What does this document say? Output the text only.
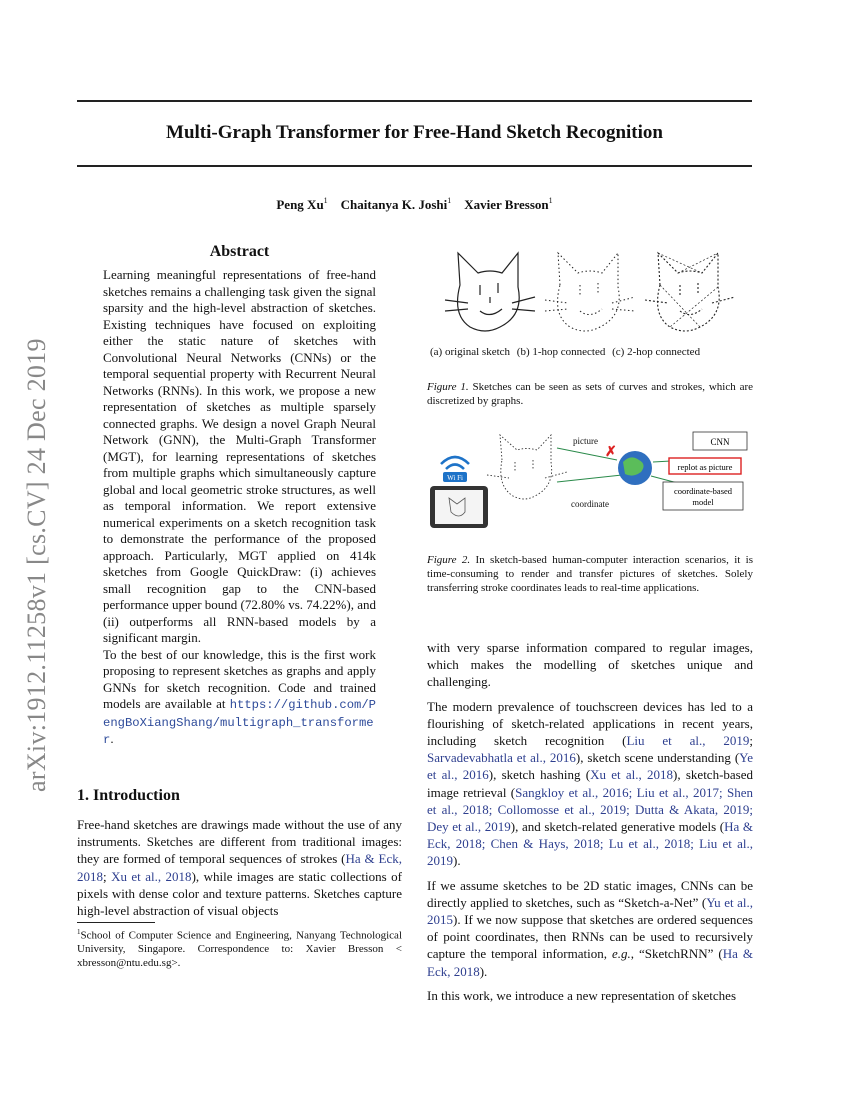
Multi-Graph Transformer for Free-Hand Sketch Recognition
Peng Xu$^1$ Chaitanya K. Joshi$^1$ Xavier Bresson$^1$
arXiv:1912.11258v1 [cs.CV] 24 Dec 2019
Abstract

Learning meaningful representations of free-hand sketches remains a challenging task given the signal sparsity and the high-level abstraction of sketches. Existing techniques have focused on exploiting either the static nature of sketches with Convolutional Neural Networks (CNNs) or the temporal sequential property with Recurrent Neural Networks (RNNs). In this work, we propose a new representation of sketches as multiple sparsely connected graphs. We design a novel Graph Neural Network (GNN), the Multi-Graph Transformer (MGT), for learning representations of sketches from multiple graphs which simultaneously capture global and local geometric stroke structures, as well as temporal information. We report extensive numerical experiments on a sketch recognition task to demonstrate the performance of the proposed approach. Particularly, MGT applied on 414k sketches from Google QuickDraw: (i) achieves small recognition gap to the CNN-based performance upper bound (72.80% vs. 74.22%), and (ii) outperforms all RNN-based models by a significant margin.

To the best of our knowledge, this is the first work proposing to represent sketches as graphs and apply GNNs for sketch recognition. Code and trained models are available at https://github.com/PengBoXiangShang/multigraph_transformer.

1. Introduction

Free-hand sketches are drawings made without the use of any instruments. Sketches are different from traditional images: they are formed of temporal sequences of strokes (Ha & Eck, 2018; Xu et al., 2018), while images are static collections of pixels with dense color and texture patterns. Sketches capture high-level abstraction of visual objects

$^1$School of Computer Science and Engineering, Nanyang Technological University, Singapore. Correspondence to: Xavier Bresson < xbresson@ntu.edu.sg>.
(a) original sketch (b) 1-hop connected (c) 2-hop connected
Figure 1. Sketches can be seen as sets of curves and strokes, which are discretized by graphs.
Wi Fi
picture
✗
coordinate
CNN
replot as picture
coordinate-based
model
Figure 2. In sketch-based human-computer interaction scenarios, it is time-consuming to render and transfer pictures of sketches. Solely transferring stroke coordinates leads to real-time applications.

with very sparse information compared to regular images, which makes the modelling of sketches unique and challenging.

The modern prevalence of touchscreen devices has led to a flourishing of sketch-related applications in recent years, including sketch recognition (Liu et al., 2019; Sarvadevabhatla et al., 2016), sketch scene understanding (Ye et al., 2016), sketch hashing (Xu et al., 2018), sketch-based image retrieval (Sangkloy et al., 2016; Liu et al., 2017; Shen et al., 2018; Collomosse et al., 2019; Dutta & Akata, 2019; Dey et al., 2019), and sketch-related generative models (Ha & Eck, 2018; Chen & Hays, 2018; Lu et al., 2018; Liu et al., 2019).

If we assume sketches to be 2D static images, CNNs can be directly applied to sketches, such as “Sketch-a-Net” (Yu et al., 2015). If we now suppose that sketches are ordered sequences of point coordinates, then RNNs can be used to recursively capture the temporal information, e.g., “SketchRNN” (Ha & Eck, 2018).

In this work, we introduce a new representation of sketches
